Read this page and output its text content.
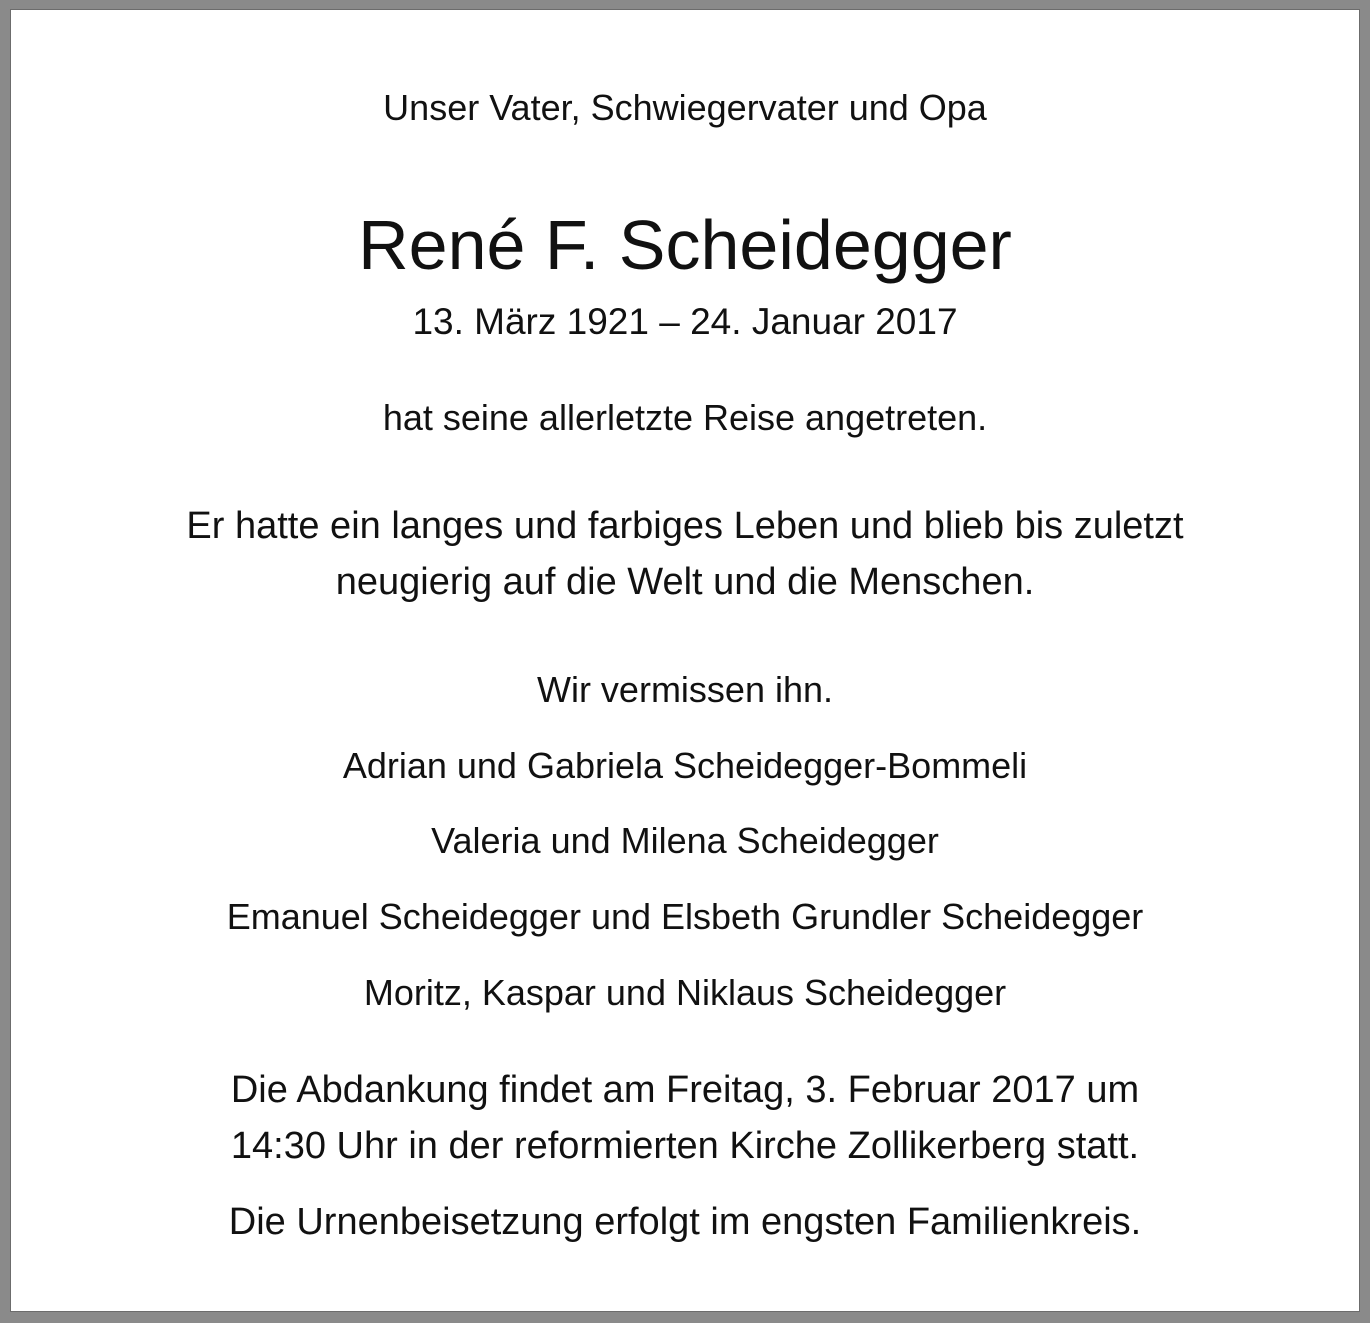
Unser Vater, Schwiegervater und Opa
René F. Scheidegger
13. März 1921 – 24. Januar 2017
hat seine allerletzte Reise angetreten.
Er hatte ein langes und farbiges Leben und blieb bis zuletzt
neugierig auf die Welt und die Menschen.
Wir vermissen ihn.
Adrian und Gabriela Scheidegger-Bommeli
Valeria und Milena Scheidegger
Emanuel Scheidegger und Elsbeth Grundler Scheidegger
Moritz, Kaspar und Niklaus Scheidegger
Die Abdankung findet am Freitag, 3. Februar 2017 um
14:30 Uhr in der reformierten Kirche Zollikerberg statt.
Die Urnenbeisetzung erfolgt im engsten Familienkreis.
